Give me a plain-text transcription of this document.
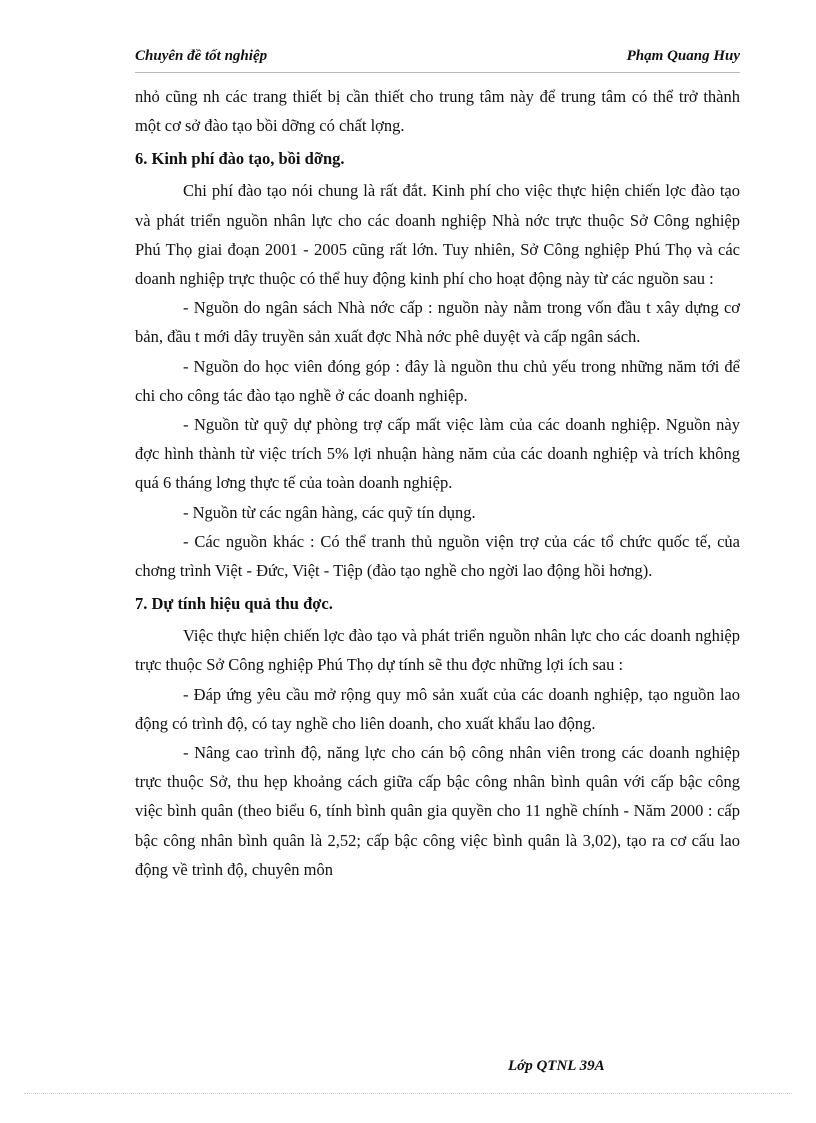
Chuyên đề tốt nghiệp	Phạm Quang Huy

nhỏ cũng nh các trang thiết bị cần thiết cho trung tâm này để trung tâm có thể trở thành một cơ sở đào tạo bồi dỡng có chất lợng.

6. Kinh phí đào tạo, bồi dỡng.

Chi phí đào tạo nói chung là rất đắt. Kinh phí cho việc thực hiện chiến lợc đào tạo và phát triển nguồn nhân lực cho các doanh nghiệp Nhà nớc trực thuộc Sở Công nghiệp Phú Thọ giai đoạn 2001 - 2005 cũng rất lớn. Tuy nhiên, Sở Công nghiệp Phú Thọ và các doanh nghiệp trực thuộc có thể huy động kinh phí cho hoạt động này từ các nguồn sau :

- Nguồn do ngân sách Nhà nớc cấp : nguồn này nằm trong vốn đầu t xây dựng cơ bản, đầu t mới dây truyền sản xuất đợc Nhà nớc phê duyệt và cấp ngân sách.

- Nguồn do học viên đóng góp : đây là nguồn thu chủ yếu trong những năm tới để chi cho công tác đào tạo nghề ở các doanh nghiệp.

- Nguồn từ quỹ dự phòng trợ cấp mất việc làm của các doanh nghiệp. Nguồn này đợc hình thành từ việc trích 5% lợi nhuận hàng năm của các doanh nghiệp và trích không quá 6 tháng lơng thực tế của toàn doanh nghiệp.

- Nguồn từ các ngân hàng, các quỹ tín dụng.

- Các nguồn khác : Có thể tranh thủ nguồn viện trợ của các tổ chức quốc tế, của chơng trình Việt - Đức, Việt - Tiệp (đào tạo nghề cho ngời lao động hồi hơng).

7. Dự tính hiệu quả thu đợc.

Việc thực hiện chiến lợc đào tạo và phát triển nguồn nhân lực cho các doanh nghiệp trực thuộc Sở Công nghiệp Phú Thọ dự tính sẽ thu đợc những lợi ích sau :

- Đáp ứng yêu cầu mở rộng quy mô sản xuất của các doanh nghiệp, tạo nguồn lao động có trình độ, có tay nghề cho liên doanh, cho xuất khẩu lao động.

- Nâng cao trình độ, năng lực cho cán bộ công nhân viên trong các doanh nghiệp trực thuộc Sở, thu hẹp khoảng cách giữa cấp bậc công nhân bình quân với cấp bậc công việc bình quân (theo biểu 6, tính bình quân gia quyền cho 11 nghề chính - Năm 2000 : cấp bậc công nhân bình quân là 2,52; cấp bậc công việc bình quân là 3,02), tạo ra cơ cấu lao động về trình độ, chuyên môn

Lớp QTNL 39A
